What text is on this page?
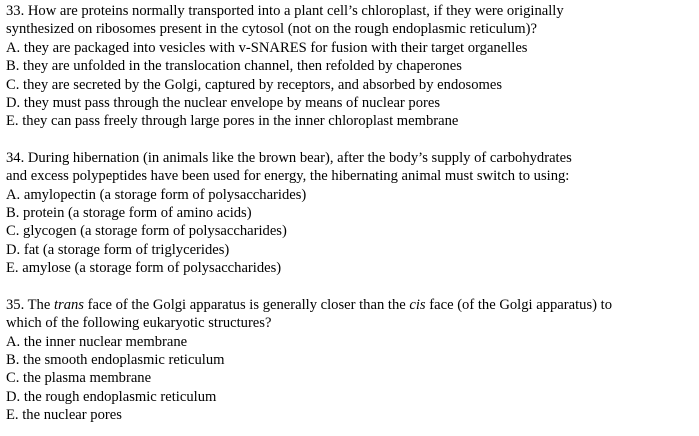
33. How are proteins normally transported into a plant cell’s chloroplast, if they were originally
synthesized on ribosomes present in the cytosol (not on the rough endoplasmic reticulum)?
A. they are packaged into vesicles with v-SNARES for fusion with their target organelles
B. they are unfolded in the translocation channel, then refolded by chaperones
C. they are secreted by the Golgi, captured by receptors, and absorbed by endosomes
D. they must pass through the nuclear envelope by means of nuclear pores
E. they can pass freely through large pores in the inner chloroplast membrane
34. During hibernation (in animals like the brown bear), after the body’s supply of carbohydrates
and excess polypeptides have been used for energy, the hibernating animal must switch to using:
A. amylopectin (a storage form of polysaccharides)
B. protein (a storage form of amino acids)
C. glycogen (a storage form of polysaccharides)
D. fat (a storage form of triglycerides)
E. amylose (a storage form of polysaccharides)
35. The trans face of the Golgi apparatus is generally closer than the cis face (of the Golgi apparatus) to
which of the following eukaryotic structures?
A. the inner nuclear membrane
B. the smooth endoplasmic reticulum
C. the plasma membrane
D. the rough endoplasmic reticulum
E. the nuclear pores
